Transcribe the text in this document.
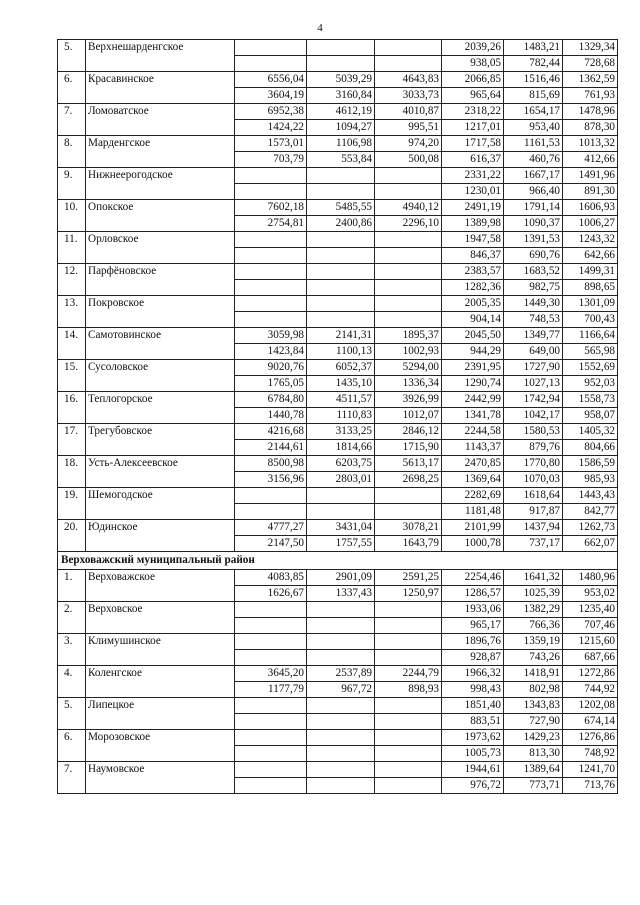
4
5.	Верхнешарденгское				2039,26	1483,21	1329,34
					938,05	782,44	728,68
6.	Красавинское	6556,04	5039,29	4643,83	2066,85	1516,46	1362,59
		3604,19	3160,84	3033,73	965,64	815,69	761,93
7.	Ломоватское	6952,38	4612,19	4010,87	2318,22	1654,17	1478,96
		1424,22	1094,27	995,51	1217,01	953,40	878,30
8.	Марденгское	1573,01	1106,98	974,20	1717,58	1161,53	1013,32
		703,79	553,84	500,08	616,37	460,76	412,66
9.	Нижнеерогодское				2331,22	1667,17	1491,96
					1230,01	966,40	891,30
10.	Опокское	7602,18	5485,55	4940,12	2491,19	1791,14	1606,93
		2754,81	2400,86	2296,10	1389,98	1090,37	1006,27
11.	Орловское				1947,58	1391,53	1243,32
					846,37	690,76	642,66
12.	Парфёновское				2383,57	1683,52	1499,31
					1282,36	982,75	898,65
13.	Покровское				2005,35	1449,30	1301,09
					904,14	748,53	700,43
14.	Самотовинское	3059,98	2141,31	1895,37	2045,50	1349,77	1166,64
		1423,84	1100,13	1002,93	944,29	649,00	565,98
15.	Сусоловское	9020,76	6052,37	5294,00	2391,95	1727,90	1552,69
		1765,05	1435,10	1336,34	1290,74	1027,13	952,03
16.	Теплогорское	6784,80	4511,57	3926,99	2442,99	1742,94	1558,73
		1440,78	1110,83	1012,07	1341,78	1042,17	958,07
17.	Трегубовское	4216,68	3133,25	2846,12	2244,58	1580,53	1405,32
		2144,61	1814,66	1715,90	1143,37	879,76	804,66
18.	Усть-Алексеевское	8500,98	6203,75	5613,17	2470,85	1770,80	1586,59
		3156,96	2803,01	2698,25	1369,64	1070,03	985,93
19.	Шемогодское				2282,69	1618,64	1443,43
					1181,48	917,87	842,77
20.	Юдинское	4777,27	3431,04	3078,21	2101,99	1437,94	1262,73
		2147,50	1757,55	1643,79	1000,78	737,17	662,07
Верховажский муниципальный район							
1.	Верховажское	4083,85	2901,09	2591,25	2254,46	1641,32	1480,96
		1626,67	1337,43	1250,97	1286,57	1025,39	953,02
2.	Верховское				1933,06	1382,29	1235,40
					965,17	766,36	707,46
3.	Климушинское				1896,76	1359,19	1215,60
					928,87	743,26	687,66
4.	Коленгское	3645,20	2537,89	2244,79	1966,32	1418,91	1272,86
		1177,79	967,72	898,93	998,43	802,98	744,92
5.	Липецкое				1851,40	1343,83	1202,08
					883,51	727,90	674,14
6.	Морозовское				1973,62	1429,23	1276,86
					1005,73	813,30	748,92
7.	Наумовское				1944,61	1389,64	1241,70
					976,72	773,71	713,76
